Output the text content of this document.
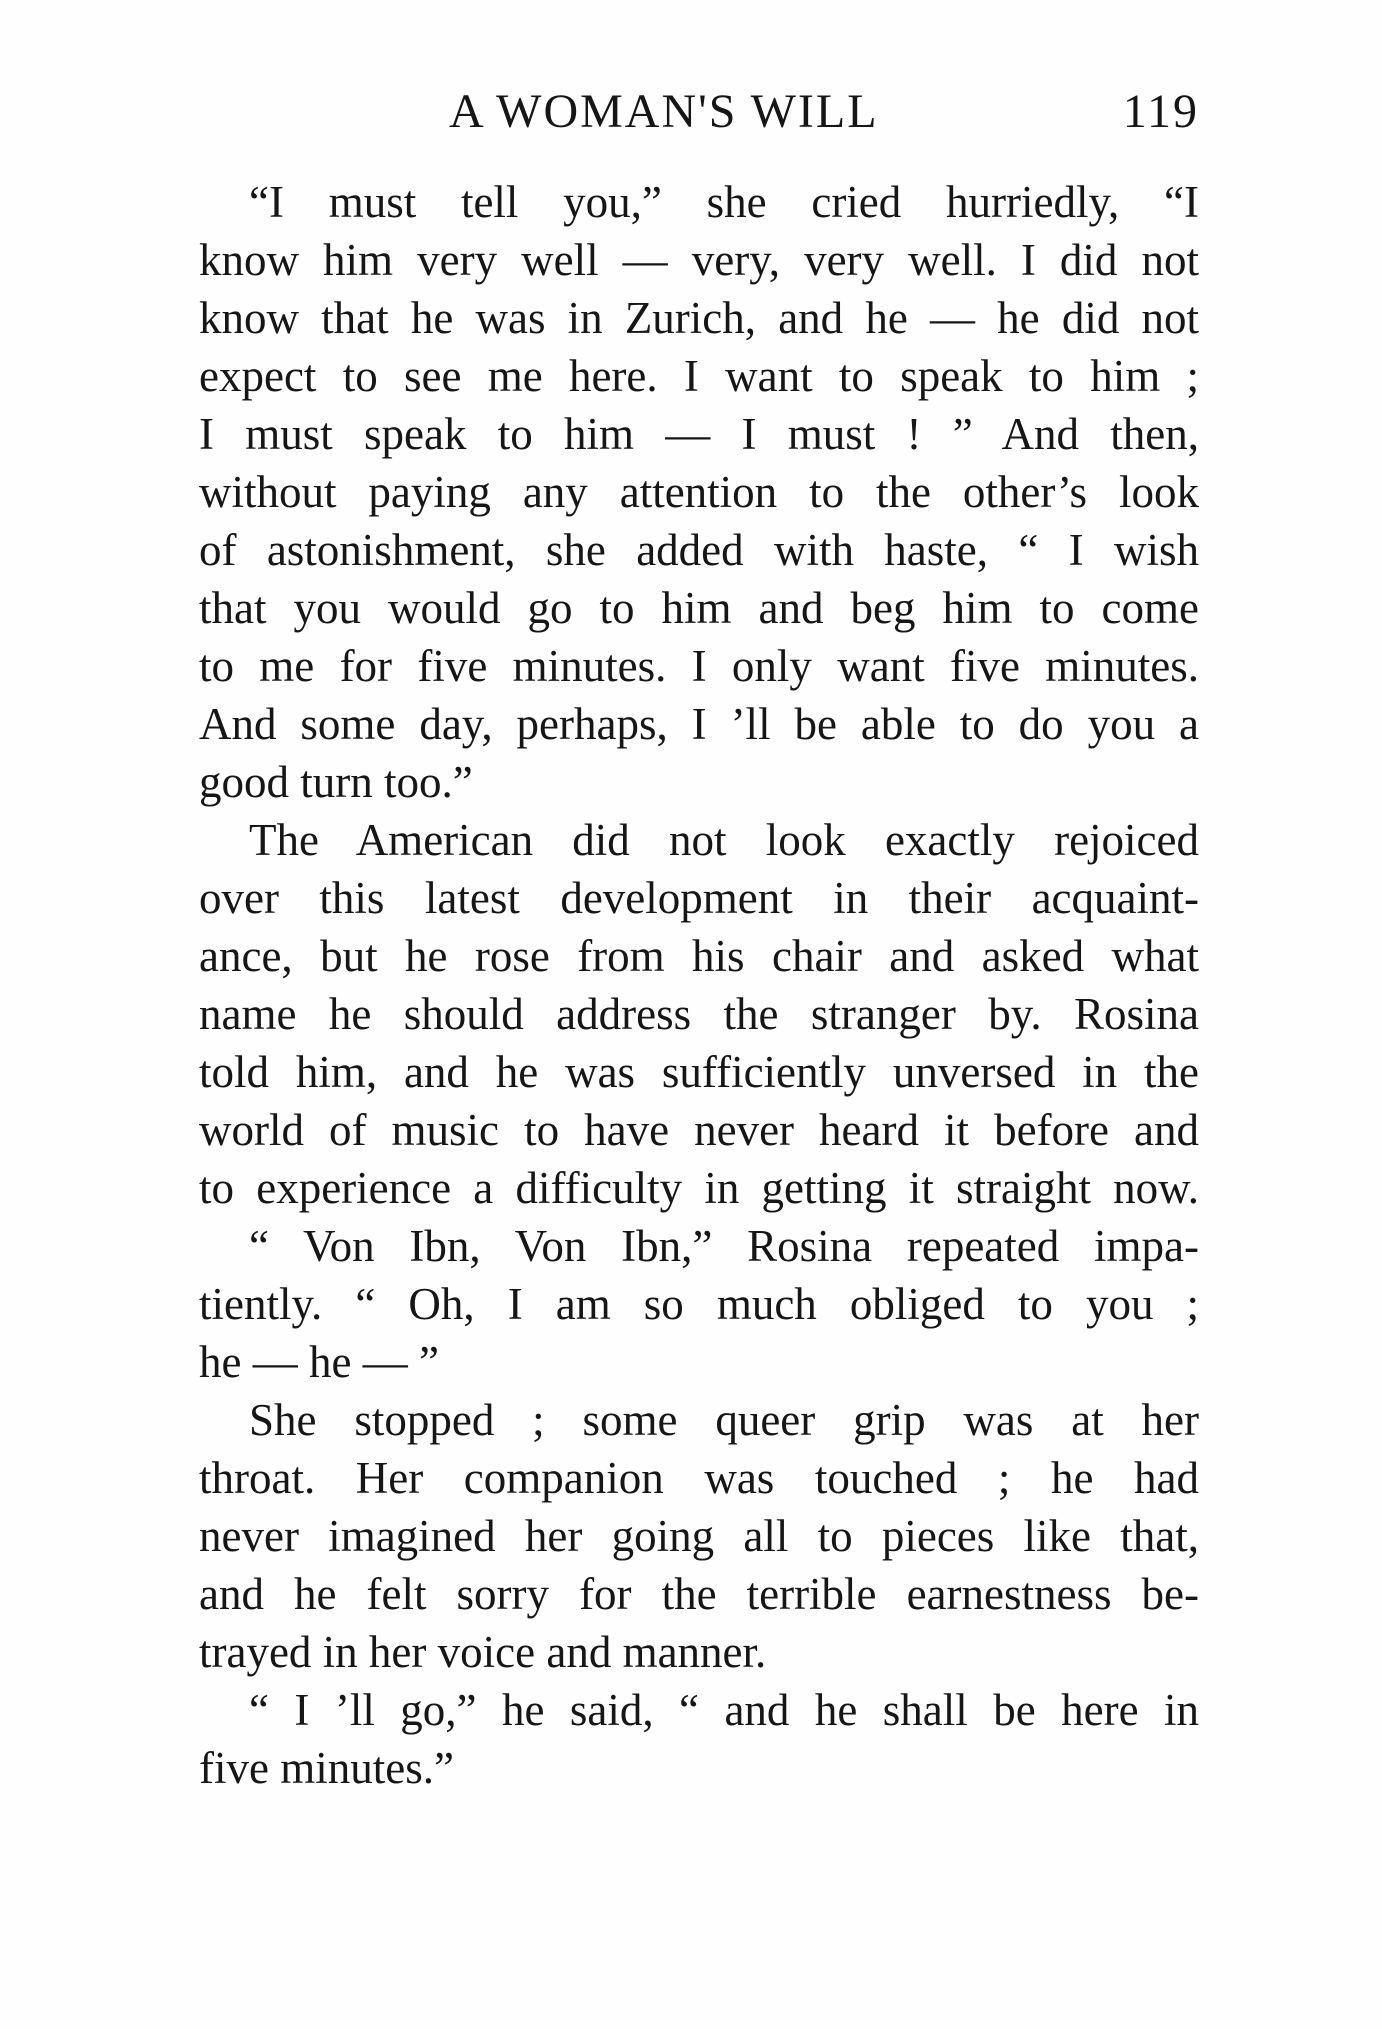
A WOMAN'S WILL	119
“I must tell you,” she cried hurriedly, “I
know him very well — very, very well. I did not
know that he was in Zurich, and he — he did not
expect to see me here. I want to speak to him ;
I must speak to him — I must ! ” And then,
without paying any attention to the other’s look
of astonishment, she added with haste, “ I wish
that you would go to him and beg him to come
to me for five minutes. I only want five minutes.
And some day, perhaps, I ’ll be able to do you a
good turn too.”
The American did not look exactly rejoiced
over this latest development in their acquaint-
ance, but he rose from his chair and asked what
name he should address the stranger by. Rosina
told him, and he was sufficiently unversed in the
world of music to have never heard it before and
to experience a difficulty in getting it straight now.
“ Von Ibn, Von Ibn,” Rosina repeated impa-
tiently. “ Oh, I am so much obliged to you ;
he — he — ”
She stopped ; some queer grip was at her
throat. Her companion was touched ; he had
never imagined her going all to pieces like that,
and he felt sorry for the terrible earnestness be-
trayed in her voice and manner.
“ I ’ll go,” he said, “ and he shall be here in
five minutes.”
